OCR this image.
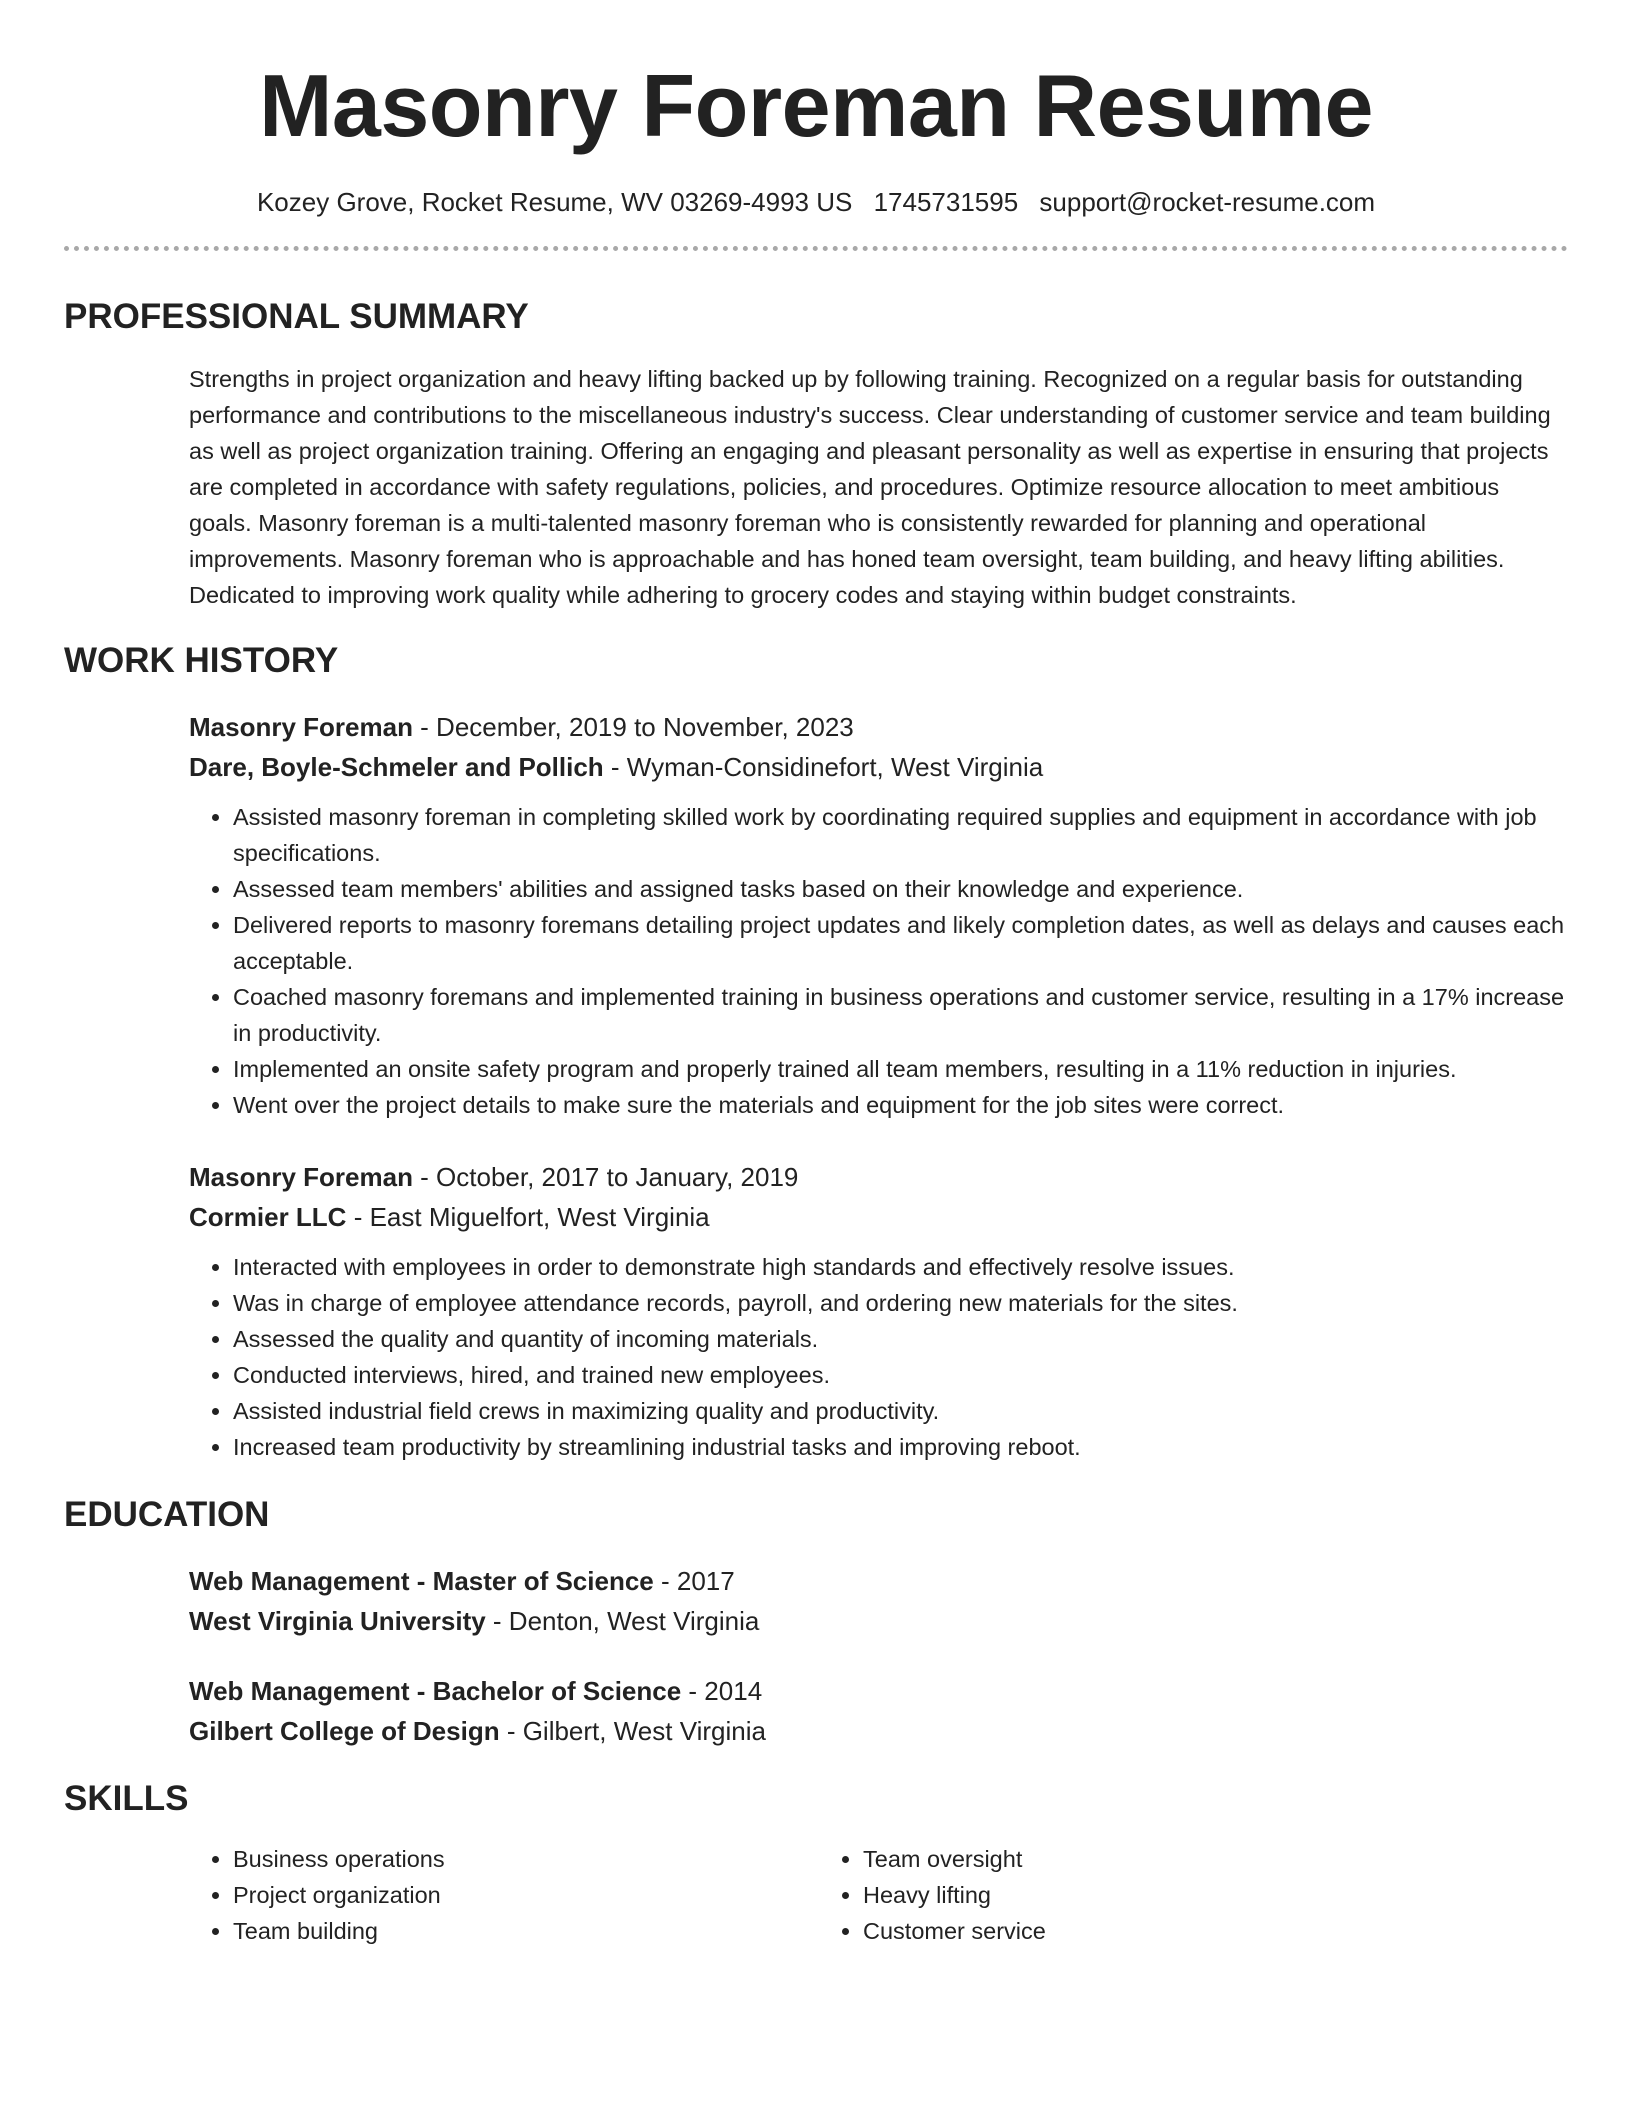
Masonry Foreman Resume
Kozey Grove, Rocket Resume, WV 03269-4993 US 1745731595 support@rocket-resume.com
PROFESSIONAL SUMMARY

Strengths in project organization and heavy lifting backed up by following training. Recognized on a regular basis for outstanding performance and contributions to the miscellaneous industry's success. Clear understanding of customer service and team building as well as project organization training. Offering an engaging and pleasant personality as well as expertise in ensuring that projects are completed in accordance with safety regulations, policies, and procedures. Optimize resource allocation to meet ambitious goals. Masonry foreman is a multi-talented masonry foreman who is consistently rewarded for planning and operational improvements. Masonry foreman who is approachable and has honed team oversight, team building, and heavy lifting abilities. Dedicated to improving work quality while adhering to grocery codes and staying within budget constraints.

WORK HISTORY
Masonry Foreman - December, 2019 to November, 2023
Dare, Boyle-Schmeler and Pollich - Wyman-Considinefort, West Virginia
• Assisted masonry foreman in completing skilled work by coordinating required supplies and equipment in accordance with job specifications.
• Assessed team members' abilities and assigned tasks based on their knowledge and experience.
• Delivered reports to masonry foremans detailing project updates and likely completion dates, as well as delays and causes each acceptable.
• Coached masonry foremans and implemented training in business operations and customer service, resulting in a 17% increase in productivity.
• Implemented an onsite safety program and properly trained all team members, resulting in a 11% reduction in injuries.
• Went over the project details to make sure the materials and equipment for the job sites were correct.
Masonry Foreman - October, 2017 to January, 2019
Cormier LLC - East Miguelfort, West Virginia
• Interacted with employees in order to demonstrate high standards and effectively resolve issues.
• Was in charge of employee attendance records, payroll, and ordering new materials for the sites.
• Assessed the quality and quantity of incoming materials.
• Conducted interviews, hired, and trained new employees.
• Assisted industrial field crews in maximizing quality and productivity.
• Increased team productivity by streamlining industrial tasks and improving reboot.
EDUCATION
Web Management - Master of Science - 2017
West Virginia University - Denton, West Virginia
Web Management - Bachelor of Science - 2014
Gilbert College of Design - Gilbert, West Virginia
SKILLS
• Business operations
• Project organization
• Team building
• Team oversight
• Heavy lifting
• Customer service
